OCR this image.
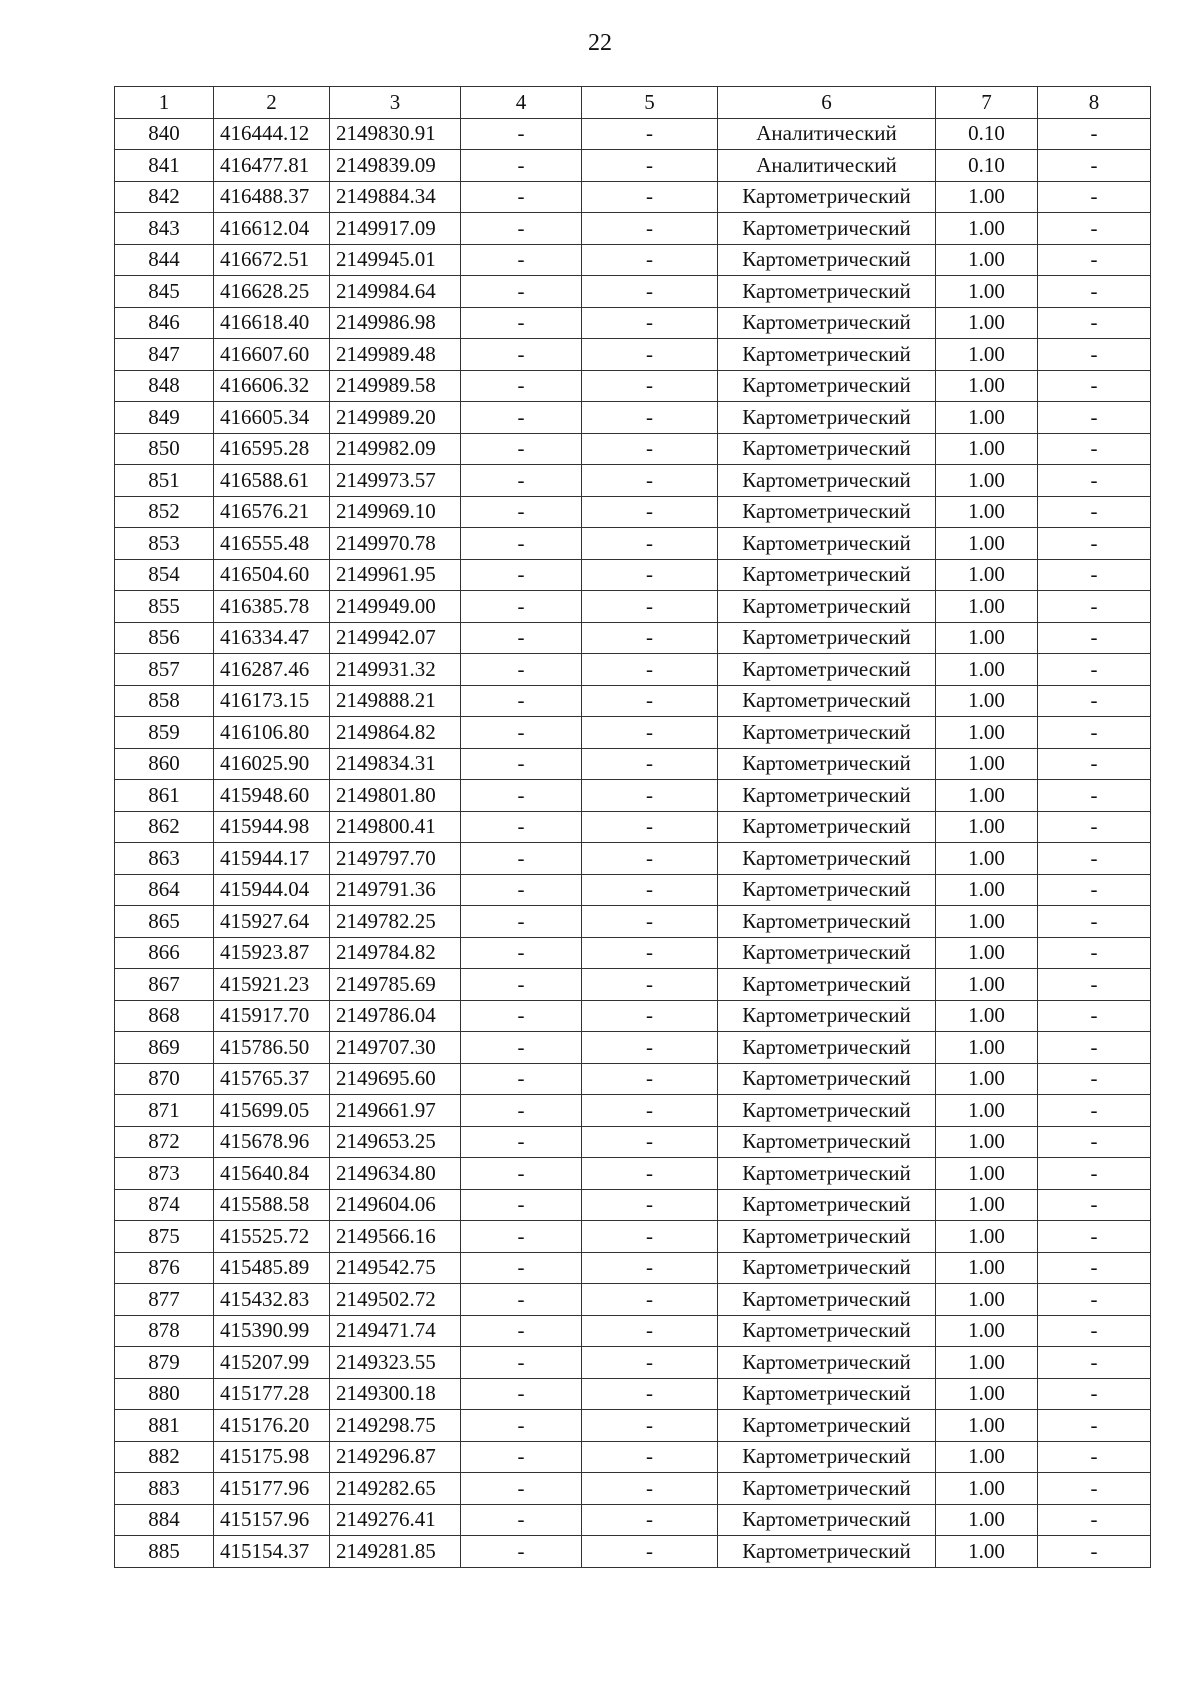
22
1	2	3	4	5	6	7	8
840	416444.12	2149830.91	-	-	Аналитический	0.10	-
841	416477.81	2149839.09	-	-	Аналитический	0.10	-
842	416488.37	2149884.34	-	-	Картометрический	1.00	-
843	416612.04	2149917.09	-	-	Картометрический	1.00	-
844	416672.51	2149945.01	-	-	Картометрический	1.00	-
845	416628.25	2149984.64	-	-	Картометрический	1.00	-
846	416618.40	2149986.98	-	-	Картометрический	1.00	-
847	416607.60	2149989.48	-	-	Картометрический	1.00	-
848	416606.32	2149989.58	-	-	Картометрический	1.00	-
849	416605.34	2149989.20	-	-	Картометрический	1.00	-
850	416595.28	2149982.09	-	-	Картометрический	1.00	-
851	416588.61	2149973.57	-	-	Картометрический	1.00	-
852	416576.21	2149969.10	-	-	Картометрический	1.00	-
853	416555.48	2149970.78	-	-	Картометрический	1.00	-
854	416504.60	2149961.95	-	-	Картометрический	1.00	-
855	416385.78	2149949.00	-	-	Картометрический	1.00	-
856	416334.47	2149942.07	-	-	Картометрический	1.00	-
857	416287.46	2149931.32	-	-	Картометрический	1.00	-
858	416173.15	2149888.21	-	-	Картометрический	1.00	-
859	416106.80	2149864.82	-	-	Картометрический	1.00	-
860	416025.90	2149834.31	-	-	Картометрический	1.00	-
861	415948.60	2149801.80	-	-	Картометрический	1.00	-
862	415944.98	2149800.41	-	-	Картометрический	1.00	-
863	415944.17	2149797.70	-	-	Картометрический	1.00	-
864	415944.04	2149791.36	-	-	Картометрический	1.00	-
865	415927.64	2149782.25	-	-	Картометрический	1.00	-
866	415923.87	2149784.82	-	-	Картометрический	1.00	-
867	415921.23	2149785.69	-	-	Картометрический	1.00	-
868	415917.70	2149786.04	-	-	Картометрический	1.00	-
869	415786.50	2149707.30	-	-	Картометрический	1.00	-
870	415765.37	2149695.60	-	-	Картометрический	1.00	-
871	415699.05	2149661.97	-	-	Картометрический	1.00	-
872	415678.96	2149653.25	-	-	Картометрический	1.00	-
873	415640.84	2149634.80	-	-	Картометрический	1.00	-
874	415588.58	2149604.06	-	-	Картометрический	1.00	-
875	415525.72	2149566.16	-	-	Картометрический	1.00	-
876	415485.89	2149542.75	-	-	Картометрический	1.00	-
877	415432.83	2149502.72	-	-	Картометрический	1.00	-
878	415390.99	2149471.74	-	-	Картометрический	1.00	-
879	415207.99	2149323.55	-	-	Картометрический	1.00	-
880	415177.28	2149300.18	-	-	Картометрический	1.00	-
881	415176.20	2149298.75	-	-	Картометрический	1.00	-
882	415175.98	2149296.87	-	-	Картометрический	1.00	-
883	415177.96	2149282.65	-	-	Картометрический	1.00	-
884	415157.96	2149276.41	-	-	Картометрический	1.00	-
885	415154.37	2149281.85	-	-	Картометрический	1.00	-
